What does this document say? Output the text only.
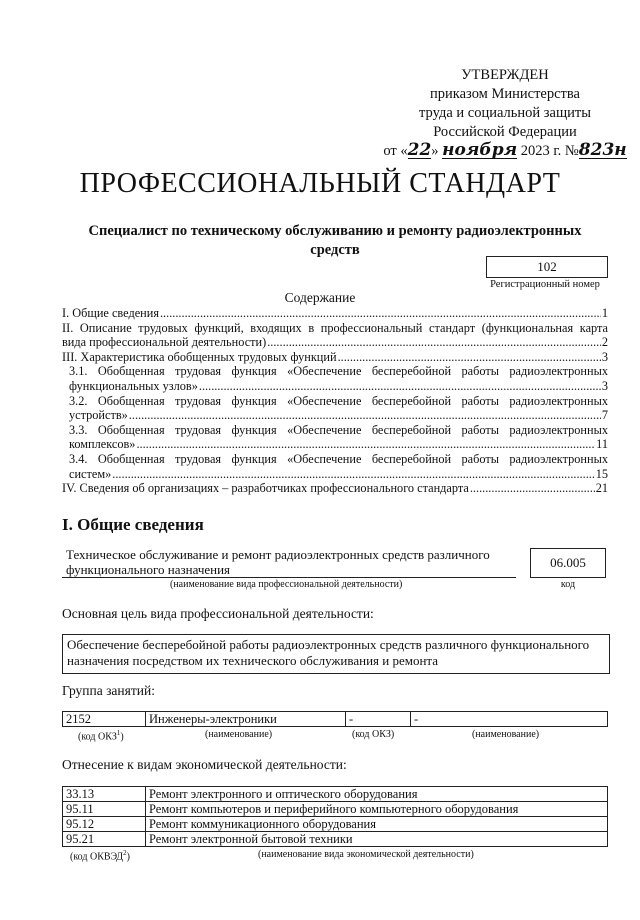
УТВЕРЖДЕН
приказом Министерства
труда и социальной защиты
Российской Федерации
от «22» ноября 2023 г. №823н
ПРОФЕССИОНАЛЬНЫЙ СТАНДАРТ
Специалист по техническому обслуживанию и ремонту радиоэлектронных средств
102
Регистрационный номер
Содержание
I. Общие сведения .....	1
II. Описание трудовых функций, входящих в профессиональный стандарт (функциональная карта
вида профессиональной деятельности) .....	2
III. Характеристика обобщенных трудовых функций .....	3
3.1. Обобщенная трудовая функция «Обеспечение бесперебойной работы радиоэлектронных
функциональных узлов» .....	3
3.2. Обобщенная трудовая функция «Обеспечение бесперебойной работы радиоэлектронных
устройств» .....	7
3.3. Обобщенная трудовая функция «Обеспечение бесперебойной работы радиоэлектронных
комплексов» .....	11
3.4. Обобщенная трудовая функция «Обеспечение бесперебойной работы радиоэлектронных
систем» .....	15
IV. Сведения об организациях – разработчиках профессионального стандарта .....	21
I. Общие сведения
Техническое обслуживание и ремонт радиоэлектронных средств различного функционального назначения
(наименование вида профессиональной деятельности)
06.005
код
Основная цель вида профессиональной деятельности:
Обеспечение бесперебойной работы радиоэлектронных средств различного функционального назначения посредством их технического обслуживания и ремонта
Группа занятий:
2152	Инженеры-электроники	-	-
(код ОКЗ$^1$)	(наименование)	(код ОКЗ)	(наименование)
Отнесение к видам экономической деятельности:
33.13	Ремонт электронного и оптического оборудования
95.11	Ремонт компьютеров и периферийного компьютерного оборудования
95.12	Ремонт коммуникационного оборудования
95.21	Ремонт электронной бытовой техники
(код ОКВЭД$^2$)	(наименование вида экономической деятельности)
